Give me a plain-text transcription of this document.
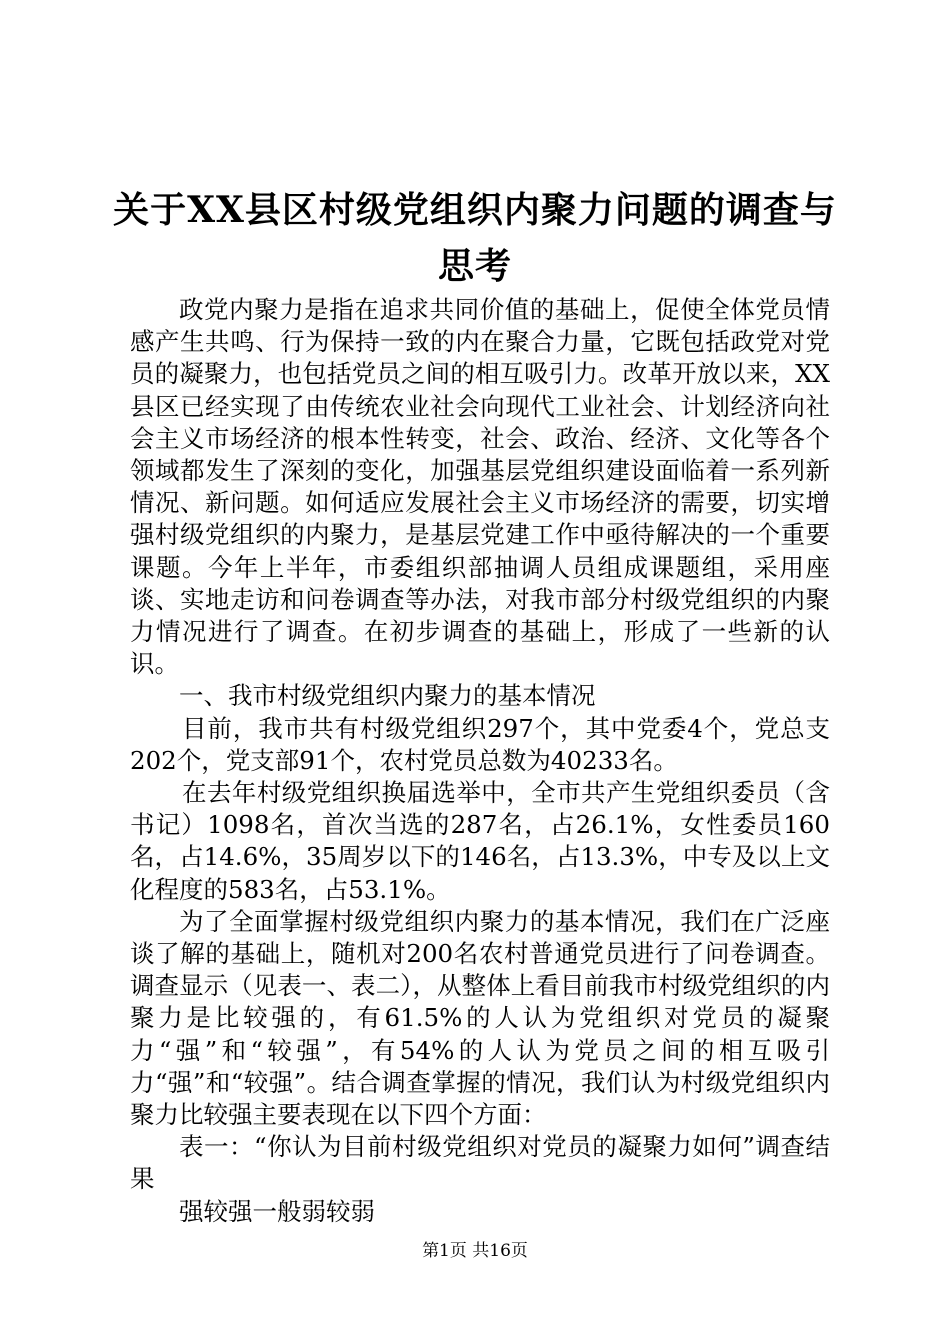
关于XX县区村级党组织内聚力问题的调查与
思考

政党内聚力是指在追求共同价值的基础上，促使全体党员情感产生共鸣、行为保持一致的内在聚合力量，它既包括政党对党员的凝聚力，也包括党员之间的相互吸引力。改革开放以来，XX县区已经实现了由传统农业社会向现代工业社会、计划经济向社会主义市场经济的根本性转变，社会、政治、经济、文化等各个领域都发生了深刻的变化，加强基层党组织建设面临着一系列新情况、新问题。如何适应发展社会主义市场经济的需要，切实增强村级党组织的内聚力，是基层党建工作中亟待解决的一个重要课题。今年上半年，市委组织部抽调人员组成课题组，采用座谈、实地走访和问卷调查等办法，对我市部分村级党组织的内聚力情况进行了调查。在初步调查的基础上，形成了一些新的认识。

一、我市村级党组织内聚力的基本情况

目前，我市共有村级党组织297个，其中党委4个，党总支202个，党支部91个，农村党员总数为40233名。

在去年村级党组织换届选举中，全市共产生党组织委员（含书记）1098名，首次当选的287名，占26.1%，女性委员160名，占14.6%，35周岁以下的146名，占13.3%，中专及以上文化程度的583名，占53.1%。

为了全面掌握村级党组织内聚力的基本情况，我们在广泛座谈了解的基础上，随机对200名农村普通党员进行了问卷调查。调查显示（见表一、表二），从整体上看目前我市村级党组织的内聚力是比较强的，有61.5%的人认为党组织对党员的凝聚力“强”和“较强”，有54%的人认为党员之间的相互吸引力“强”和“较强”。结合调查掌握的情况，我们认为村级党组织内聚力比较强主要表现在以下四个方面：

表一：“你认为目前村级党组织对党员的凝聚力如何”调查结果

强较强一般弱较弱

第1页 共16页
